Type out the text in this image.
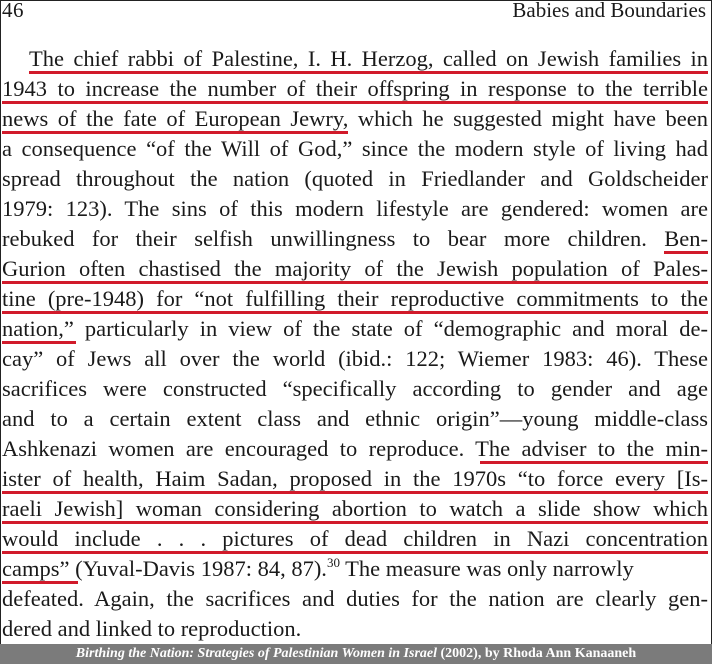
46	Babies and Boundaries
The chief rabbi of Palestine, I. H. Herzog, called on Jewish families in
1943 to increase the number of their offspring in response to the terrible
news of the fate of European Jewry, which he suggested might have been
a consequence “of the Will of God,” since the modern style of living had
spread throughout the nation (quoted in Friedlander and Goldscheider
1979: 123). The sins of this modern lifestyle are gendered: women are
rebuked for their selfish unwillingness to bear more children. Ben-
Gurion often chastised the majority of the Jewish population of Pales-
tine (pre-1948) for “not fulfilling their reproductive commitments to the
nation,” particularly in view of the state of “demographic and moral de-
cay” of Jews all over the world (ibid.: 122; Wiemer 1983: 46). These
sacrifices were constructed “specifically according to gender and age
and to a certain extent class and ethnic origin”—young middle-class
Ashkenazi women are encouraged to reproduce. The adviser to the min-
ister of health, Haim Sadan, proposed in the 1970s “to force every [Is-
raeli Jewish] woman considering abortion to watch a slide show which
would include . . . pictures of dead children in Nazi concentration
camps” (Yuval-Davis 1987: 84, 87).$^{30}$ The measure was only narrowly
defeated. Again, the sacrifices and duties for the nation are clearly gen-
dered and linked to reproduction.
Birthing the Nation: Strategies of Palestinian Women in Israel (2002), by Rhoda Ann Kanaaneh
